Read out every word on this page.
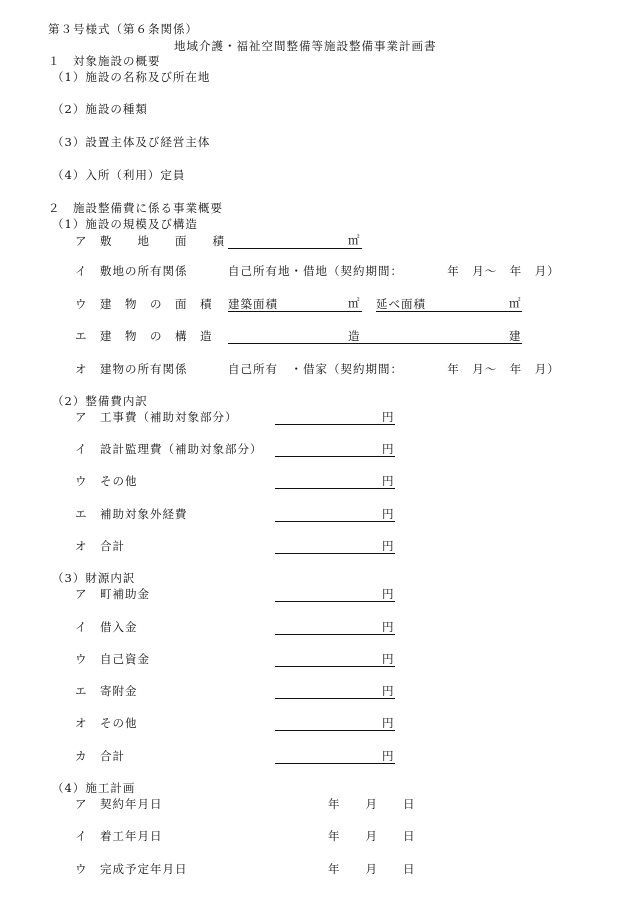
第３号様式（第６条関係）
地域介護・福祉空間整備等施設整備事業計画書
１　対象施設の概要
（1）施設の名称及び所在地
（2）施設の種類
（3）設置主体及び経営主体
（4）入所（利用）定員
２　施設整備費に係る事業概要
（1）施設の規模及び構造
ア　敷　　地　　面　　積	㎡
イ　敷地の所有関係	自己所有地・借地（契約期間：　　　　年　月～　年　月）
ウ　建　物　の　面　積 建築面積	㎡ 延べ面積	㎡
エ　建　物　の　構　造	造	建
オ　建物の所有関係	自己所有　・借家（契約期間：　　　　年　月～　年　月）
（2）整備費内訳
ア　工事費（補助対象部分）	円
イ　設計監理費（補助対象部分）	円
ウ　その他	円
エ　補助対象外経費	円
オ　合計	円
（3）財源内訳
ア　町補助金	円
イ　借入金	円
ウ　自己資金	円
エ　寄附金	円
オ　その他	円
カ　合計	円
（4）施工計画
ア　契約年月日	年　　月　　日
イ　着工年月日	年　　月　　日
ウ　完成予定年月日	年　　月　　日
